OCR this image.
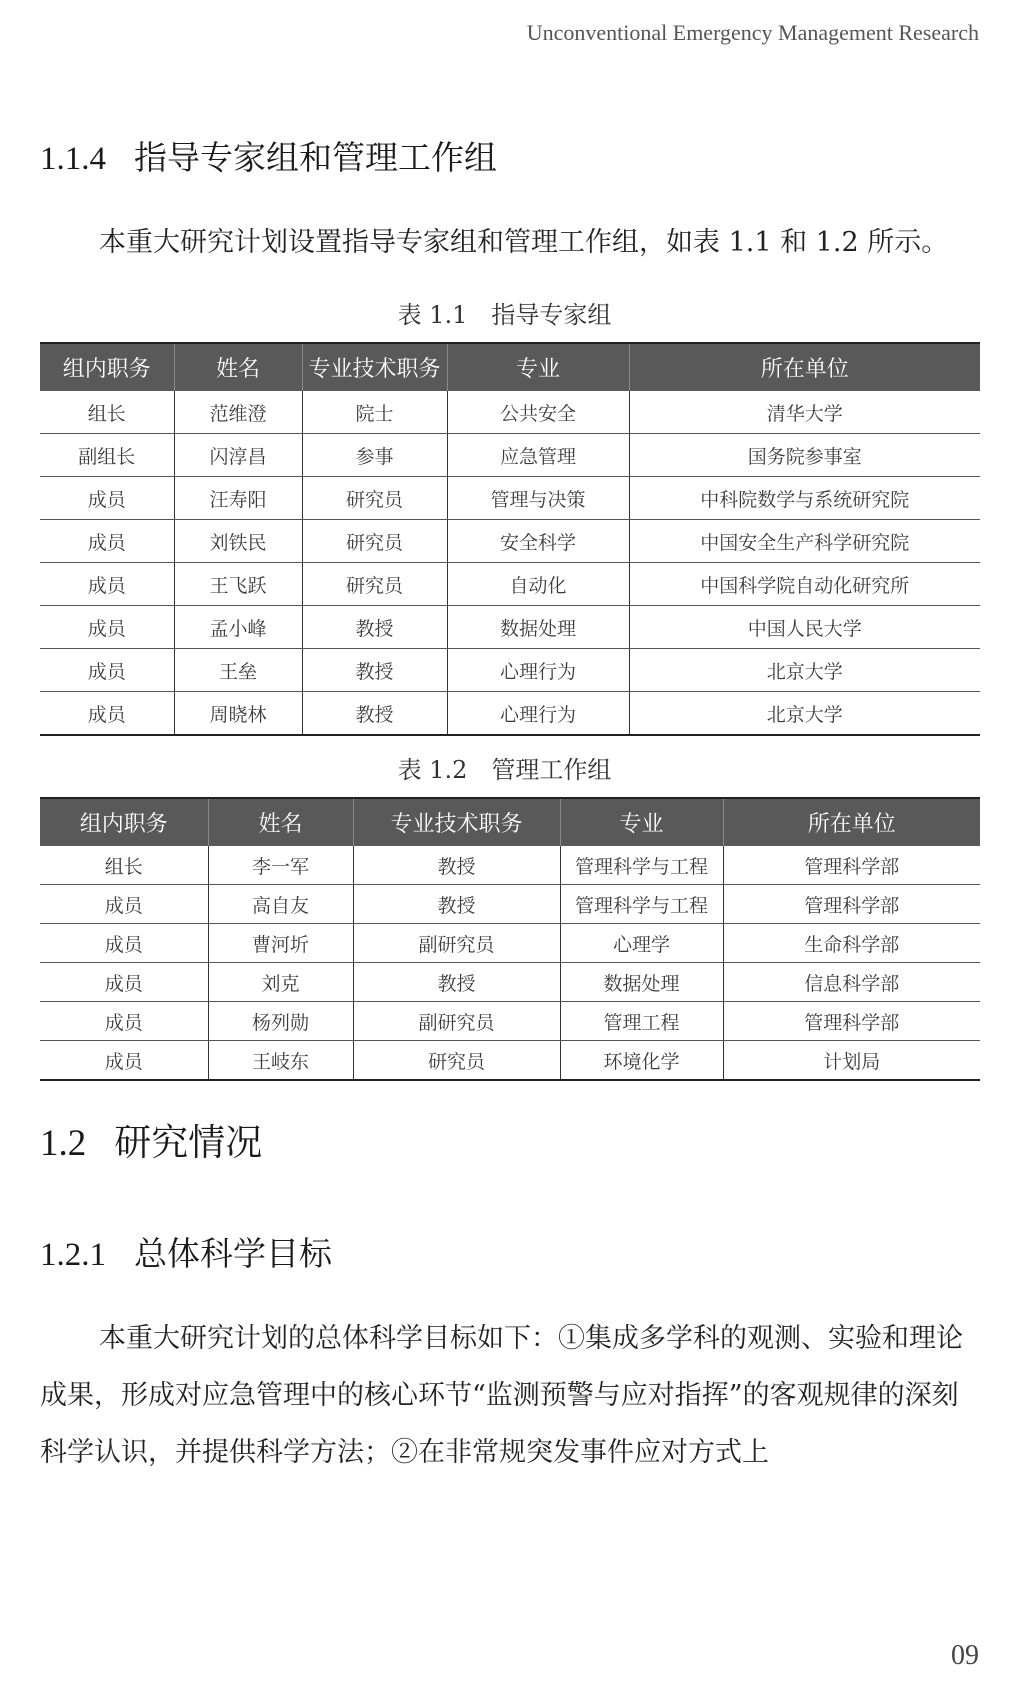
Unconventional Emergency Management Research
1.1.4 指导专家组和管理工作组

本重大研究计划设置指导专家组和管理工作组，如表 1.1 和 1.2 所示。

表 1.1　指导专家组
组内职务	姓名	专业技术职务	专业	所在单位
组长	范维澄	院士	公共安全	清华大学
副组长	闪淳昌	参事	应急管理	国务院参事室
成员	汪寿阳	研究员	管理与决策	中科院数学与系统研究院
成员	刘铁民	研究员	安全科学	中国安全生产科学研究院
成员	王飞跃	研究员	自动化	中国科学院自动化研究所
成员	孟小峰	教授	数据处理	中国人民大学
成员	王垒	教授	心理行为	北京大学
成员	周晓林	教授	心理行为	北京大学
表 1.2　管理工作组
组内职务	姓名	专业技术职务	专业	所在单位
组长	李一军	教授	管理科学与工程	管理科学部
成员	高自友	教授	管理科学与工程	管理科学部
成员	曹河圻	副研究员	心理学	生命科学部
成员	刘克	教授	数据处理	信息科学部
成员	杨列勋	副研究员	管理工程	管理科学部
成员	王岐东	研究员	环境化学	计划局
1.2 研究情况
1.2.1 总体科学目标

本重大研究计划的总体科学目标如下：①集成多学科的观测、实验和理论成果，形成对应急管理中的核心环节“监测预警与应对指挥”的客观规律的深刻科学认识，并提供科学方法；②在非常规突发事件应对方式上

09
